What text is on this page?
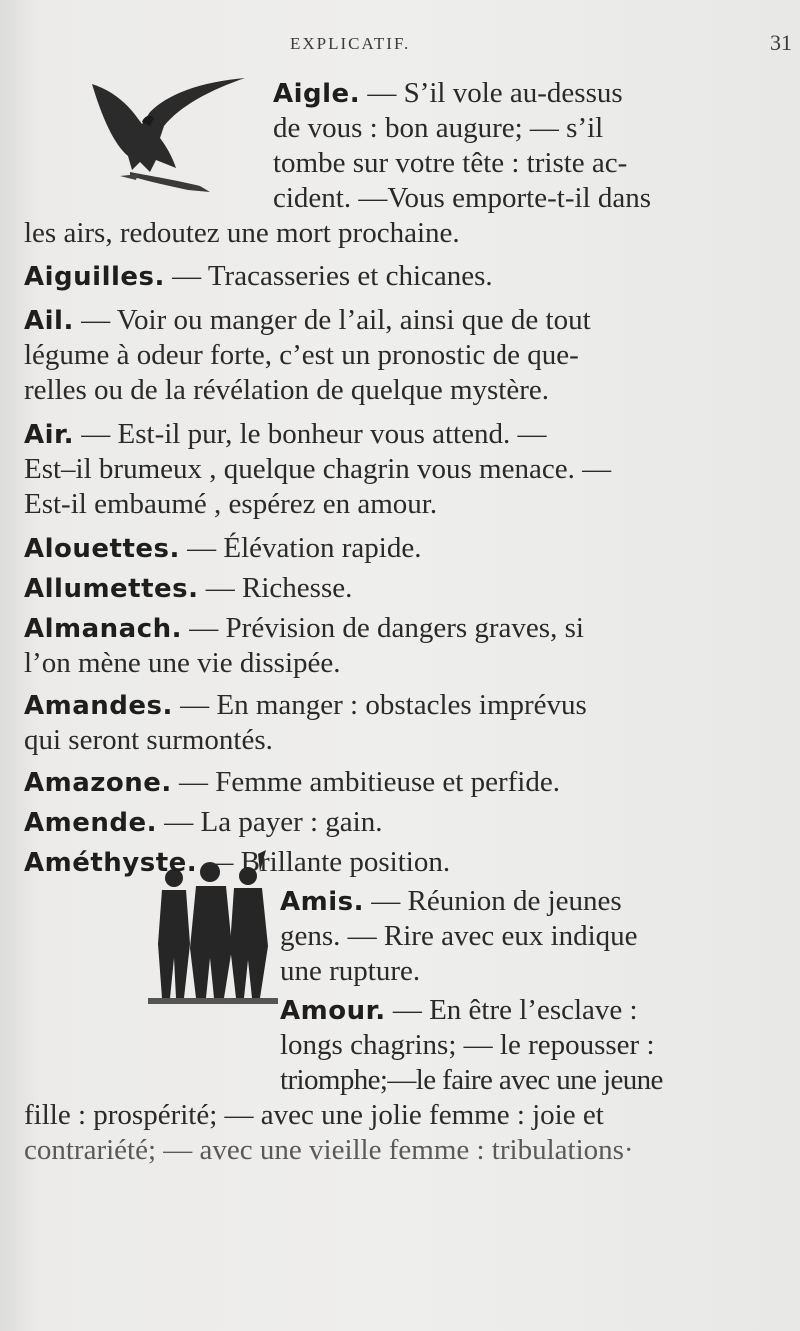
EXPLICATIF.	31
Aigle. — S’il vole au-dessus
de vous : bon augure; — s’il
tombe sur votre tête : triste ac-
cident. —Vous emporte-t-il dans
les airs, redoutez une mort prochaine.
Aiguilles. — Tracasseries et chicanes.
Ail. — Voir ou manger de l’ail, ainsi que de tout
légume à odeur forte, c’est un pronostic de que-
relles ou de la révélation de quelque mystère.
Air. — Est-il pur, le bonheur vous attend. —
Est–il brumeux , quelque chagrin vous menace. —
Est-il embaumé , espérez en amour.
Alouettes. — Élévation rapide.
Allumettes. — Richesse.
Almanach. — Prévision de dangers graves, si
l’on mène une vie dissipée.
Amandes. — En manger : obstacles imprévus
qui seront surmontés.
Amazone. — Femme ambitieuse et perfide.
Amende. — La payer : gain.
Améthyste. — Brillante position.
Amis. — Réunion de jeunes
gens. — Rire avec eux indique
une rupture.
Amour. — En être l’esclave :
longs chagrins; — le repousser :
triomphe;—le faire avec une jeune
fille : prospérité; — avec une jolie femme : joie et
contrariété; — avec une vieille femme : tribulations·
